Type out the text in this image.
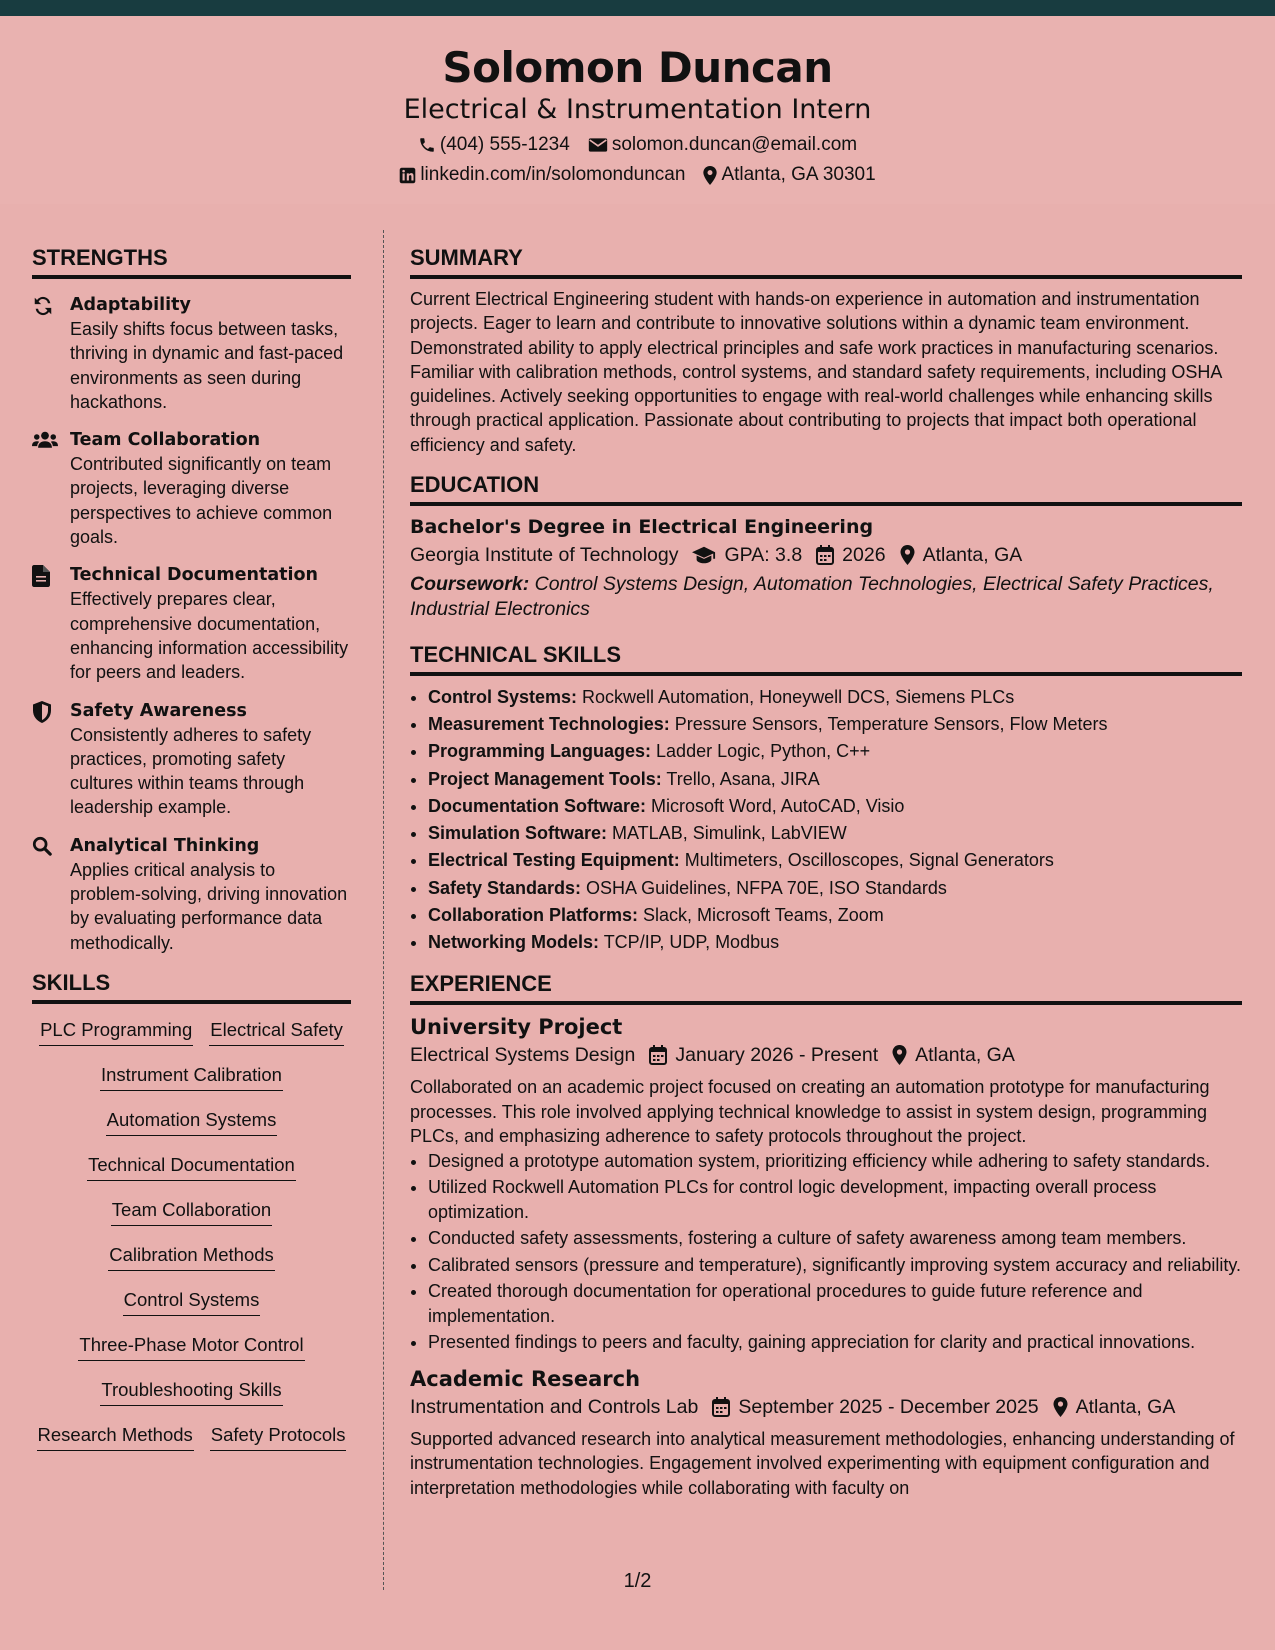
Solomon Duncan
Electrical & Instrumentation Intern
(404) 555-1234 solomon.duncan@email.com
linkedin.com/in/solomonduncan Atlanta, GA 30301
STRENGTHS
Adaptability
Easily shifts focus between tasks, thriving in dynamic and fast-paced environments as seen during hackathons.
Team Collaboration
Contributed significantly on team projects, leveraging diverse perspectives to achieve common goals.
Technical Documentation
Effectively prepares clear, comprehensive documentation, enhancing information accessibility for peers and leaders.
Safety Awareness
Consistently adheres to safety practices, promoting safety cultures within teams through leadership example.
Analytical Thinking
Applies critical analysis to problem-solving, driving innovation by evaluating performance data methodically.
SKILLS
PLC Programming Electrical Safety
Instrument Calibration
Automation Systems
Technical Documentation
Team Collaboration
Calibration Methods
Control Systems
Three-Phase Motor Control
Troubleshooting Skills
Research Methods Safety Protocols
SUMMARY
Current Electrical Engineering student with hands-on experience in automation and instrumentation projects. Eager to learn and contribute to innovative solutions within a dynamic team environment. Demonstrated ability to apply electrical principles and safe work practices in manufacturing scenarios. Familiar with calibration methods, control systems, and standard safety requirements, including OSHA guidelines. Actively seeking opportunities to engage with real-world challenges while enhancing skills through practical application. Passionate about contributing to projects that impact both operational efficiency and safety.
EDUCATION
Bachelor's Degree in Electrical Engineering
Georgia Institute of Technology GPA: 3.8 2026 Atlanta, GA
Coursework: Control Systems Design, Automation Technologies, Electrical Safety Practices, Industrial Electronics
TECHNICAL SKILLS
• Control Systems: Rockwell Automation, Honeywell DCS, Siemens PLCs
• Measurement Technologies: Pressure Sensors, Temperature Sensors, Flow Meters
• Programming Languages: Ladder Logic, Python, C++
• Project Management Tools: Trello, Asana, JIRA
• Documentation Software: Microsoft Word, AutoCAD, Visio
• Simulation Software: MATLAB, Simulink, LabVIEW
• Electrical Testing Equipment: Multimeters, Oscilloscopes, Signal Generators
• Safety Standards: OSHA Guidelines, NFPA 70E, ISO Standards
• Collaboration Platforms: Slack, Microsoft Teams, Zoom
• Networking Models: TCP/IP, UDP, Modbus
EXPERIENCE
University Project
Electrical Systems Design January 2026 - Present Atlanta, GA
Collaborated on an academic project focused on creating an automation prototype for manufacturing processes. This role involved applying technical knowledge to assist in system design, programming PLCs, and emphasizing adherence to safety protocols throughout the project.
• Designed a prototype automation system, prioritizing efficiency while adhering to safety standards.
• Utilized Rockwell Automation PLCs for control logic development, impacting overall process optimization.
• Conducted safety assessments, fostering a culture of safety awareness among team members.
• Calibrated sensors (pressure and temperature), significantly improving system accuracy and reliability.
• Created thorough documentation for operational procedures to guide future reference and implementation.
• Presented findings to peers and faculty, gaining appreciation for clarity and practical innovations.
Academic Research
Instrumentation and Controls Lab September 2025 - December 2025 Atlanta, GA
Supported advanced research into analytical measurement methodologies, enhancing understanding of instrumentation technologies. Engagement involved experimenting with equipment configuration and interpretation methodologies while collaborating with faculty on
1/2
